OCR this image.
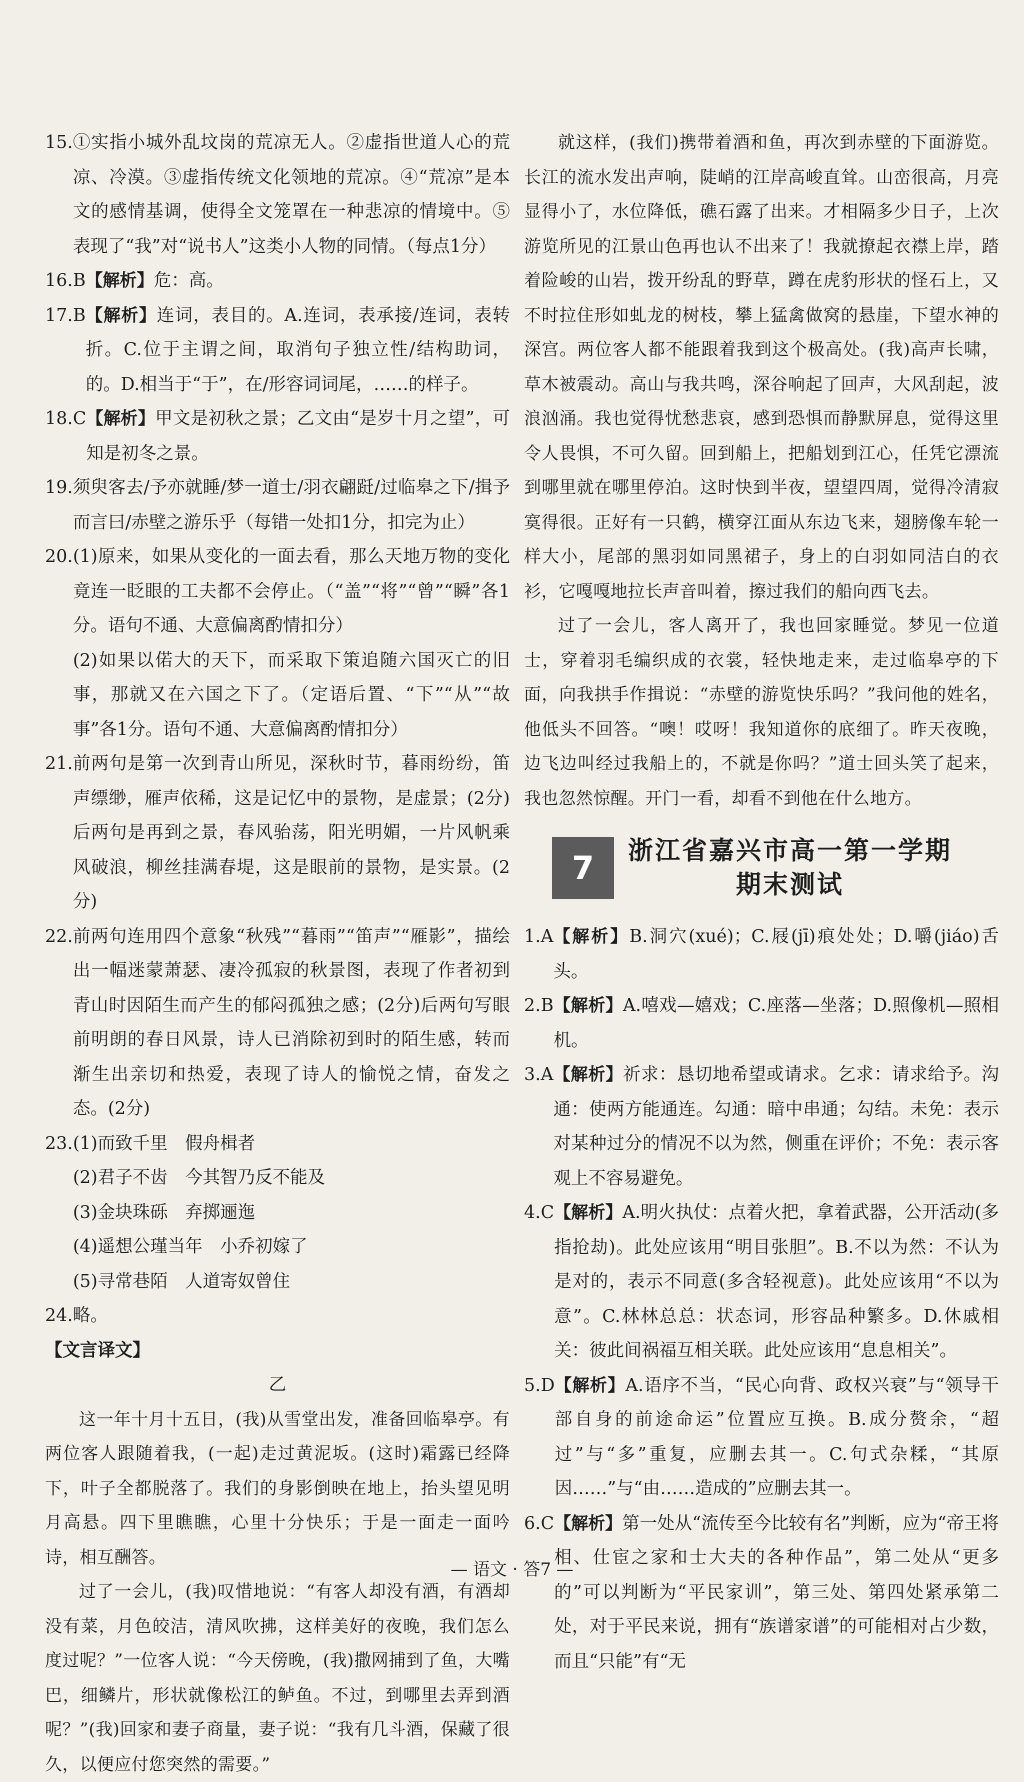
15. ①实指小城外乱坟岗的荒凉无人。②虚指世道人心的荒凉、冷漠。③虚指传统文化领地的荒凉。④“荒凉”是本文的感情基调，使得全文笼罩在一种悲凉的情境中。⑤表现了“我”对“说书人”这类小人物的同情。（每点1分）
16.B 【解析】危：高。
17.B 【解析】连词，表目的。A.连词，表承接/连词，表转折。C.位于主谓之间，取消句子独立性/结构助词，的。D.相当于“于”，在/形容词词尾，……的样子。
18.C 【解析】甲文是初秋之景；乙文由“是岁十月之望”，可知是初冬之景。
19. 须臾客去/予亦就睡/梦一道士/羽衣翩跹/过临皋之下/揖予而言曰/赤壁之游乐乎（每错一处扣1分，扣完为止）
20. (1)原来，如果从变化的一面去看，那么天地万物的变化竟连一眨眼的工夫都不会停止。（“盖”“将”“曾”“瞬”各1分。语句不通、大意偏离酌情扣分）

(2)如果以偌大的天下，而采取下策追随六国灭亡的旧事，那就又在六国之下了。（定语后置、“下”“从”“故事”各1分。语句不通、大意偏离酌情扣分）

21. 前两句是第一次到青山所见，深秋时节，暮雨纷纷，笛声缥缈，雁声依稀，这是记忆中的景物，是虚景；(2分)后两句是再到之景，春风骀荡，阳光明媚，一片风帆乘风破浪，柳丝挂满春堤，这是眼前的景物，是实景。(2分)
22. 前两句连用四个意象“秋残”“暮雨”“笛声”“雁影”，描绘出一幅迷蒙萧瑟、凄冷孤寂的秋景图，表现了作者初到青山时因陌生而产生的郁闷孤独之感；(2分)后两句写眼前明朗的春日风景，诗人已消除初到时的陌生感，转而渐生出亲切和热爱，表现了诗人的愉悦之情，奋发之态。(2分)
23. (1)而致千里　假舟楫者

(2)君子不齿　今其智乃反不能及

(3)金块珠砾　弃掷逦迤

(4)遥想公瑾当年　小乔初嫁了

(5)寻常巷陌　人道寄奴曾住

24. 略。

【文言译文】

乙

这一年十月十五日，(我)从雪堂出发，准备回临皋亭。有两位客人跟随着我，(一起)走过黄泥坂。(这时)霜露已经降下，叶子全都脱落了。我们的身影倒映在地上，抬头望见明月高悬。四下里瞧瞧，心里十分快乐；于是一面走一面吟诗，相互酬答。

过了一会儿，(我)叹惜地说：“有客人却没有酒，有酒却没有菜，月色皎洁，清风吹拂，这样美好的夜晚，我们怎么度过呢？”一位客人说：“今天傍晚，(我)撒网捕到了鱼，大嘴巴，细鳞片，形状就像松江的鲈鱼。不过，到哪里去弄到酒呢？”(我)回家和妻子商量，妻子说：“我有几斗酒，保藏了很久，以便应付您突然的需要。”

就这样，(我们)携带着酒和鱼，再次到赤壁的下面游览。长江的流水发出声响，陡峭的江岸高峻直耸。山峦很高，月亮显得小了，水位降低，礁石露了出来。才相隔多少日子，上次游览所见的江景山色再也认不出来了！我就撩起衣襟上岸，踏着险峻的山岩，拨开纷乱的野草，蹲在虎豹形状的怪石上，又不时拉住形如虬龙的树枝，攀上猛禽做窝的悬崖，下望水神的深宫。两位客人都不能跟着我到这个极高处。(我)高声长啸，草木被震动。高山与我共鸣，深谷响起了回声，大风刮起，波浪汹涌。我也觉得忧愁悲哀，感到恐惧而静默屏息，觉得这里令人畏惧，不可久留。回到船上，把船划到江心，任凭它漂流到哪里就在哪里停泊。这时快到半夜，望望四周，觉得冷清寂寞得很。正好有一只鹤，横穿江面从东边飞来，翅膀像车轮一样大小，尾部的黑羽如同黑裙子，身上的白羽如同洁白的衣衫，它嘎嘎地拉长声音叫着，擦过我们的船向西飞去。

过了一会儿，客人离开了，我也回家睡觉。梦见一位道士，穿着羽毛编织成的衣裳，轻快地走来，走过临皋亭的下面，向我拱手作揖说：“赤壁的游览快乐吗？”我问他的姓名，他低头不回答。“噢！哎呀！我知道你的底细了。昨天夜晚，边飞边叫经过我船上的，不就是你吗？”道士回头笑了起来，我也忽然惊醒。开门一看，却看不到他在什么地方。

7	浙江省嘉兴市高一第一学期
期末测试
1.A 【解析】B.洞穴(xué)；C.屐(jī)痕处处；D.嚼(jiáo)舌头。
2.B 【解析】A.嘻戏—嬉戏；C.座落—坐落；D.照像机—照相机。
3.A 【解析】祈求：恳切地希望或请求。乞求：请求给予。沟通：使两方能通连。勾通：暗中串通；勾结。未免：表示对某种过分的情况不以为然，侧重在评价；不免：表示客观上不容易避免。
4.C 【解析】A.明火执仗：点着火把，拿着武器，公开活动(多指抢劫)。此处应该用“明目张胆”。B.不以为然：不认为是对的，表示不同意(多含轻视意)。此处应该用“不以为意”。C.林林总总：状态词，形容品种繁多。D.休戚相关：彼此间祸福互相关联。此处应该用“息息相关”。
5.D 【解析】A.语序不当，“民心向背、政权兴衰”与“领导干部自身的前途命运”位置应互换。B.成分赘余，“超过”与“多”重复，应删去其一。C.句式杂糅，“其原因……”与“由……造成的”应删去其一。
6.C 【解析】第一处从“流传至今比较有名”判断，应为“帝王将相、仕宦之家和士大夫的各种作品”，第二处从“更多的”可以判断为“平民家训”，第三处、第四处紧承第二处，对于平民来说，拥有“族谱家谱”的可能相对占少数，而且“只能”有“无
— 语文 · 答7 —
